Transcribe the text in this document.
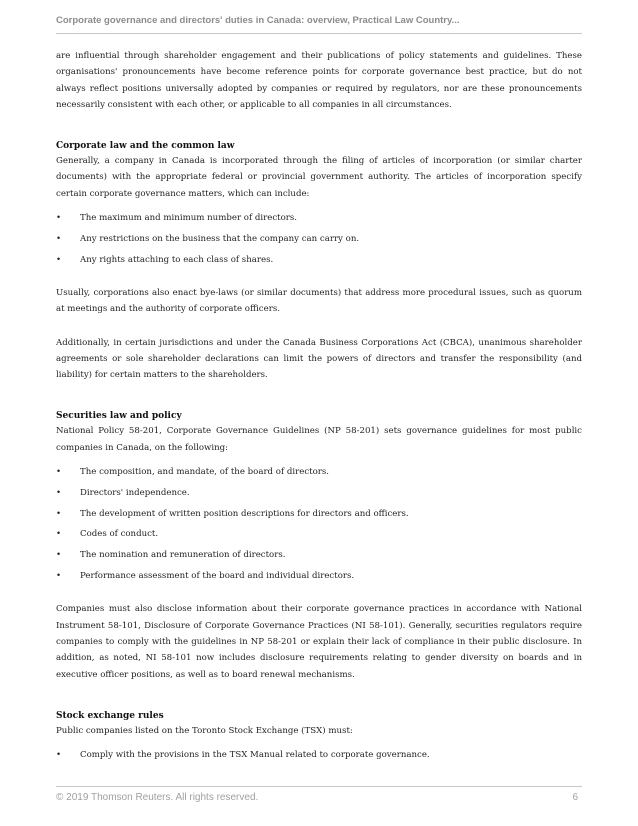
Corporate governance and directors' duties in Canada: overview, Practical Law Country...

are influential through shareholder engagement and their publications of policy statements and guidelines. These organisations' pronouncements have become reference points for corporate governance best practice, but do not always reflect positions universally adopted by companies or required by regulators, nor are these pronouncements necessarily consistent with each other, or applicable to all companies in all circumstances.

Corporate law and the common law

Generally, a company in Canada is incorporated through the filing of articles of incorporation (or similar charter documents) with the appropriate federal or provincial government authority. The articles of incorporation specify certain corporate governance matters, which can include:

• The maximum and minimum number of directors.
• Any restrictions on the business that the company can carry on.
• Any rights attaching to each class of shares.

Usually, corporations also enact bye-laws (or similar documents) that address more procedural issues, such as quorum at meetings and the authority of corporate officers.

Additionally, in certain jurisdictions and under the Canada Business Corporations Act (CBCA), unanimous shareholder agreements or sole shareholder declarations can limit the powers of directors and transfer the responsibility (and liability) for certain matters to the shareholders.

Securities law and policy

National Policy 58-201, Corporate Governance Guidelines (NP 58-201) sets governance guidelines for most public companies in Canada, on the following:

• The composition, and mandate, of the board of directors.
• Directors' independence.
• The development of written position descriptions for directors and officers.
• Codes of conduct.
• The nomination and remuneration of directors.
• Performance assessment of the board and individual directors.

Companies must also disclose information about their corporate governance practices in accordance with National Instrument 58-101, Disclosure of Corporate Governance Practices (NI 58-101). Generally, securities regulators require companies to comply with the guidelines in NP 58-201 or explain their lack of compliance in their public disclosure. In addition, as noted, NI 58-101 now includes disclosure requirements relating to gender diversity on boards and in executive officer positions, as well as to board renewal mechanisms.

Stock exchange rules

Public companies listed on the Toronto Stock Exchange (TSX) must:

• Comply with the provisions in the TSX Manual related to corporate governance.
© 2019 Thomson Reuters. All rights reserved.	6
